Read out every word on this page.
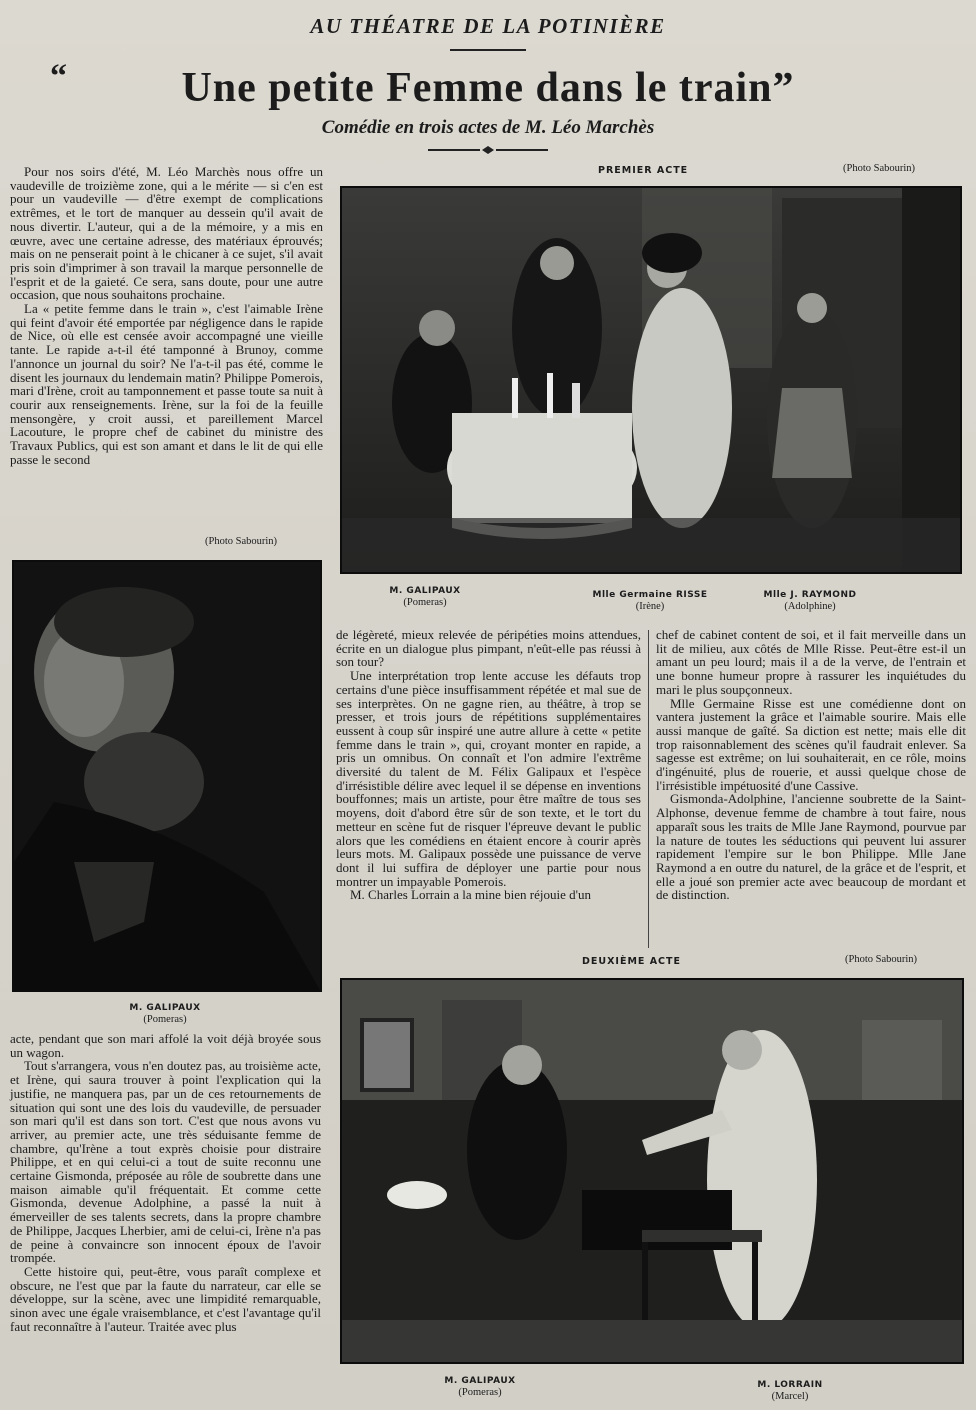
AU THÉATRE DE LA POTINIÈRE
“	Une petite Femme dans le train”
Comédie en trois actes de M. Léo Marchès

Pour nos soirs d'été, M. Léo Marchès nous offre un vaudeville de troizième zone, qui a le mérite — si c'en est pour un vaudeville — d'être exempt de complications extrêmes, et le tort de manquer au dessein qu'il avait de nous divertir. L'auteur, qui a de la mémoire, y a mis en œuvre, avec une certaine adresse, des matériaux éprouvés; mais on ne penserait point à le chicaner à ce sujet, s'il avait pris soin d'imprimer à son travail la marque personnelle de l'esprit et de la gaieté. Ce sera, sans doute, pour une autre occasion, que nous souhaitons prochaine.

La « petite femme dans le train », c'est l'aimable Irène qui feint d'avoir été emportée par négligence dans le rapide de Nice, où elle est censée avoir accompagné une vieille tante. Le rapide a-t-il été tamponné à Brunoy, comme l'annonce un journal du soir? Ne l'a-t-il pas été, comme le disent les journaux du lendemain matin? Philippe Pomerois, mari d'Irène, croit au tamponnement et passe toute sa nuit à courir aux renseignements. Irène, sur la foi de la feuille mensongère, y croit aussi, et pareillement Marcel Lacouture, le propre chef de cabinet du ministre des Travaux Publics, qui est son amant et dans le lit de qui elle passe le second

(Photo Sabourin)
PREMIER ACTE	(Photo Sabourin)
M. GALIPAUX
(Pomeras)
Mlle Germaine RISSE
(Irène)
Mlle J. RAYMOND
(Adolphine)
M. GALIPAUX
(Pomeras)

de légèreté, mieux relevée de péripéties moins attendues, écrite en un dialogue plus pimpant, n'eût-elle pas réussi à son tour?

Une interprétation trop lente accuse les défauts trop certains d'une pièce insuffisamment répétée et mal sue de ses interprètes. On ne gagne rien, au théâtre, à trop se presser, et trois jours de répétitions supplémentaires eussent à coup sûr inspiré une autre allure à cette « petite femme dans le train », qui, croyant monter en rapide, a pris un omnibus. On connaît et l'on admire l'extrême diversité du talent de M. Félix Galipaux et l'espèce d'irrésistible délire avec lequel il se dépense en inventions bouffonnes; mais un artiste, pour être maître de tous ses moyens, doit d'abord être sûr de son texte, et le tort du metteur en scène fut de risquer l'épreuve devant le public alors que les comédiens en étaient encore à courir après leurs mots. M. Galipaux possède une puissance de verve dont il lui suffira de déployer une partie pour nous montrer un impayable Pomerois.

M. Charles Lorrain a la mine bien réjouie d'un

chef de cabinet content de soi, et il fait merveille dans un lit de milieu, aux côtés de Mlle Risse. Peut-être est-il un amant un peu lourd; mais il a de la verve, de l'entrain et une bonne humeur propre à rassurer les inquiétudes du mari le plus soupçonneux.

Mlle Germaine Risse est une comédienne dont on vantera justement la grâce et l'aimable sourire. Mais elle aussi manque de gaîté. Sa diction est nette; mais elle dit trop raisonnablement des scènes qu'il faudrait enlever. Sa sagesse est extrême; on lui souhaiterait, en ce rôle, moins d'ingénuité, plus de rouerie, et aussi quelque chose de l'irrésistible impétuosité d'une Cassive.

Gismonda-Adolphine, l'ancienne soubrette de la Saint-Alphonse, devenue femme de chambre à tout faire, nous apparaît sous les traits de Mlle Jane Raymond, pourvue par la nature de toutes les séductions qui peuvent lui assurer rapidement l'empire sur le bon Philippe. Mlle Jane Raymond a en outre du naturel, de la grâce et de l'esprit, et elle a joué son premier acte avec beaucoup de mordant et de distinction.

DEUXIÈME ACTE	(Photo Sabourin)
M. GALIPAUX
(Pomeras)
M. LORRAIN
(Marcel)

acte, pendant que son mari affolé la voit déjà broyée sous un wagon.

Tout s'arrangera, vous n'en doutez pas, au troisième acte, et Irène, qui saura trouver à point l'explication qui la justifie, ne manquera pas, par un de ces retournements de situation qui sont une des lois du vaudeville, de persuader son mari qu'il est dans son tort. C'est que nous avons vu arriver, au premier acte, une très séduisante femme de chambre, qu'Irène a tout exprès choisie pour distraire Philippe, et en qui celui-ci a tout de suite reconnu une certaine Gismonda, préposée au rôle de soubrette dans une maison aimable qu'il fréquentait. Et comme cette Gismonda, devenue Adolphine, a passé la nuit à émerveiller de ses talents secrets, dans la propre chambre de Philippe, Jacques Lherbier, ami de celui-ci, Irène n'a pas de peine à convaincre son innocent époux de l'avoir trompée.

Cette histoire qui, peut-être, vous paraît complexe et obscure, ne l'est que par la faute du narrateur, car elle se développe, sur la scène, avec une limpidité remarquable, sinon avec une égale vraisemblance, et c'est l'avantage qu'il faut reconnaître à l'auteur. Traitée avec plus
